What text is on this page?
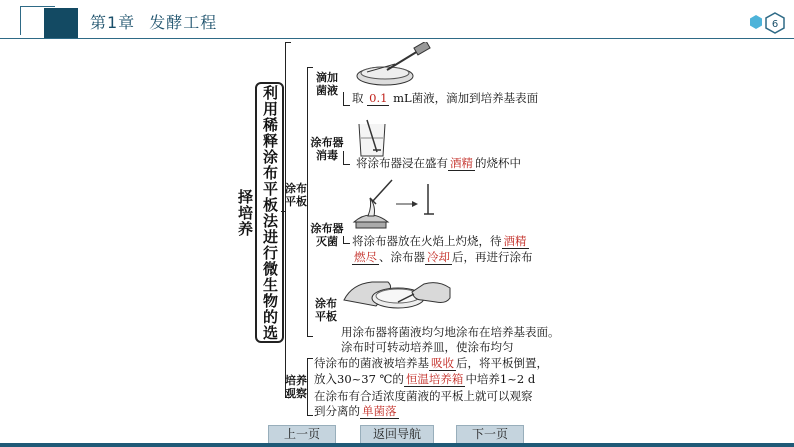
第1章 发酵工程	6
利用稀释涂布平板法进行微生物的选择培养	涂布
平板
滴加
菌液
取 0.1 mL菌液，滴加到培养基表面
涂布器
消毒
将涂布器浸在盛有 酒精 的烧杯中
涂布器
灭菌	将涂布器放在火焰上灼烧，待 酒精
燃尽 、涂布器 冷却 后，再进行涂布
涂布
平板
用涂布器将菌液均匀地涂布在培养基表面。
涂布时可转动培养皿，使涂布均匀
培养
观察
待涂布的菌液被培养基 吸收 后，将平板倒置，
放入30~37 ℃的 恒温培养箱 中培养1~2 d
在涂布有合适浓度菌液的平板上就可以观察
到分离的 单菌落
上一页	返回导航	下一页
